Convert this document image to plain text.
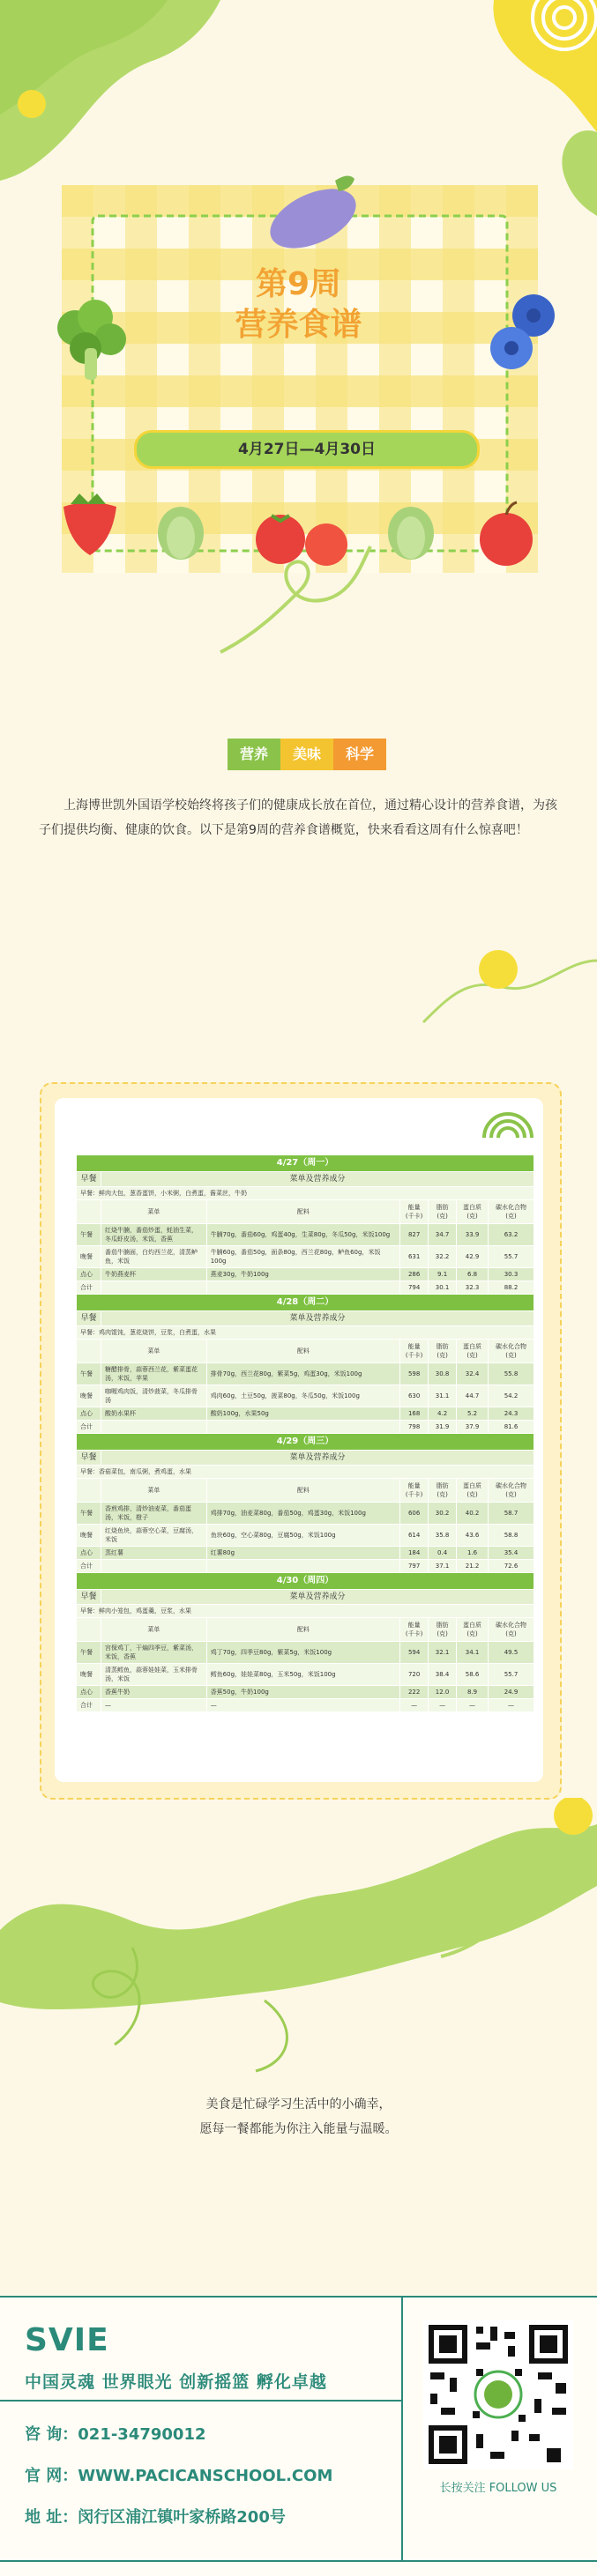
第9周
营养食谱
4月27日—4月30日
营养	美味	科学

上海博世凯外国语学校始终将孩子们的健康成长放在首位，通过精心设计的营养食谱，为孩子们提供均衡、健康的饮食。以下是第9周的营养食谱概览，快来看看这周有什么惊喜吧！

4/27（周一）						
早餐	菜单及营养成分					
早餐：鲜肉大包，葱香蛋饼，小米粥，白煮蛋，酱菜丝，牛奶						
	菜单	配料	能量(千卡)	脂肪(克)	蛋白质(克)	碳水化合物(克)
午餐	红烧牛腩，番茄炒蛋，蚝油生菜，冬瓜虾皮汤，米饭，香蕉	牛腩70g，番茄60g，鸡蛋40g，生菜80g，冬瓜50g，米饭100g	827	34.7	33.9	63.2
晚餐	番茄牛腩面，白灼西兰花，清蒸鲈鱼，米饭	牛腩60g，番茄50g，面条80g，西兰花80g，鲈鱼60g，米饭100g	631	32.2	42.9	55.7
点心	牛奶燕麦杯	燕麦30g，牛奶100g	286	9.1	6.8	30.3
合计			794	30.1	32.3	88.2
4/28（周二）						
早餐	菜单及营养成分					
早餐：鸡肉馄饨，葱花烧饼，豆浆，白煮蛋，水果						
	菜单	配料	能量(千卡)	脂肪(克)	蛋白质(克)	碳水化合物(克)
午餐	糖醋排骨，蒜蓉西兰花，紫菜蛋花汤，米饭，苹果	排骨70g，西兰花80g，紫菜5g，鸡蛋30g，米饭100g	598	30.8	32.4	55.8
晚餐	咖喱鸡肉饭，清炒菠菜，冬瓜排骨汤	鸡肉60g，土豆50g，菠菜80g，冬瓜50g，米饭100g	630	31.1	44.7	54.2
点心	酸奶水果杯	酸奶100g，水果50g	168	4.2	5.2	24.3
合计			798	31.9	37.9	81.6
4/29（周三）						
早餐	菜单及营养成分					
早餐：香菇菜包，南瓜粥，煮鸡蛋，水果						
	菜单	配料	能量(千卡)	脂肪(克)	蛋白质(克)	碳水化合物(克)
午餐	香煎鸡排，清炒油麦菜，番茄蛋汤，米饭，橙子	鸡排70g，油麦菜80g，番茄50g，鸡蛋30g，米饭100g	606	30.2	40.2	58.7
晚餐	红烧鱼块，蒜蓉空心菜，豆腐汤，米饭	鱼块60g，空心菜80g，豆腐50g，米饭100g	614	35.8	43.6	58.8
点心	蒸红薯	红薯80g	184	0.4	1.6	35.4
合计			797	37.1	21.2	72.6
4/30（周四）						
早餐	菜单及营养成分					
早餐：鲜肉小笼包，鸡蛋羹，豆浆，水果						
	菜单	配料	能量(千卡)	脂肪(克)	蛋白质(克)	碳水化合物(克)
午餐	宫保鸡丁，干煸四季豆，紫菜汤，米饭，香蕉	鸡丁70g，四季豆80g，紫菜5g，米饭100g	594	32.1	34.1	49.5
晚餐	清蒸鳕鱼，蒜蓉娃娃菜，玉米排骨汤，米饭	鳕鱼60g，娃娃菜80g，玉米50g，米饭100g	720	38.4	58.6	55.7
点心	香蕉牛奶	香蕉50g，牛奶100g	222	12.0	8.9	24.9
合计	—	—	—	—	—	—
美食是忙碌学习生活中的小确幸，
愿每一餐都能为你注入能量与温暖。
SVIE
中国灵魂 世界眼光 创新摇篮 孵化卓越
咨 询：021-34790012
官 网：WWW.PACICANSCHOOL.COM
地 址：闵行区浦江镇叶家桥路200号
长按关注 FOLLOW US
